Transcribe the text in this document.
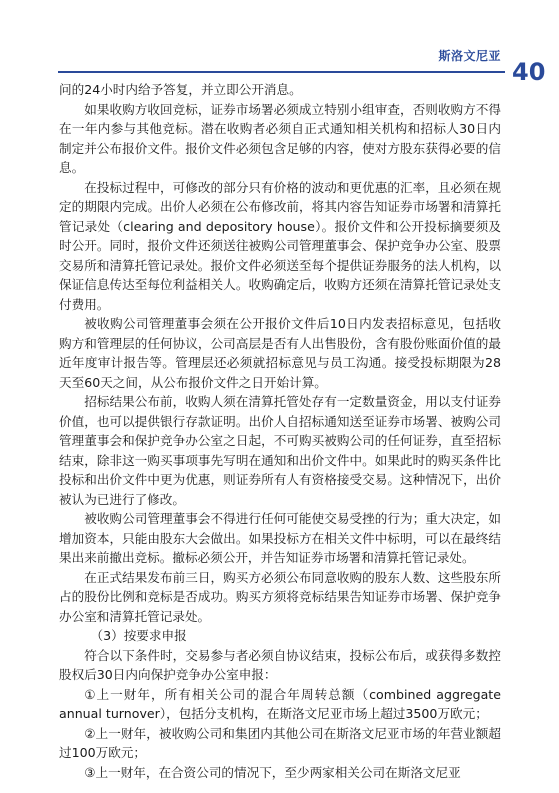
斯洛文尼亚
40

问的24小时内给予答复，并立即公开消息。

如果收购方收回竞标，证券市场署必须成立特别小组审查，否则收购方不得在一年内参与其他竞标。潜在收购者必须自正式通知相关机构和招标人30日内制定并公布报价文件。报价文件必须包含足够的内容，使对方股东获得必要的信息。

在投标过程中，可修改的部分只有价格的波动和更优惠的汇率，且必须在规定的期限内完成。出价人必须在公布修改前，将其内容告知证券市场署和清算托管记录处（clearing and depository house）。报价文件和公开投标摘要须及时公开。同时，报价文件还须送往被购公司管理董事会、保护竞争办公室、股票交易所和清算托管记录处。报价文件必须送至每个提供证券服务的法人机构，以保证信息传达至每位利益相关人。收购确定后，收购方还须在清算托管记录处支付费用。

被收购公司管理董事会须在公开报价文件后10日内发表招标意见，包括收购方和管理层的任何协议，公司高层是否有人出售股份，含有股份账面价值的最近年度审计报告等。管理层还必须就招标意见与员工沟通。接受投标期限为28天至60天之间，从公布报价文件之日开始计算。

招标结果公布前，收购人须在清算托管处存有一定数量资金，用以支付证券价值，也可以提供银行存款证明。出价人自招标通知送至证券市场署、被购公司管理董事会和保护竞争办公室之日起，不可购买被购公司的任何证券，直至招标结束，除非这一购买事项事先写明在通知和出价文件中。如果此时的购买条件比投标和出价文件中更为优惠，则证券所有人有资格接受交易。这种情况下，出价被认为已进行了修改。

被收购公司管理董事会不得进行任何可能使交易受挫的行为；重大决定，如增加资本，只能由股东大会做出。如果投标方在相关文件中标明，可以在最终结果出来前撤出竞标。撤标必须公开，并告知证券市场署和清算托管记录处。

在正式结果发布前三日，购买方必须公布同意收购的股东人数、这些股东所占的股份比例和竞标是否成功。购买方须将竞标结果告知证券市场署、保护竞争办公室和清算托管记录处。

（3）按要求申报

符合以下条件时，交易参与者必须自协议结束，投标公布后，或获得多数控股权后30日内向保护竞争办公室申报：

①上一财年，所有相关公司的混合年周转总额（combined aggregate annual turnover），包括分支机构，在斯洛文尼亚市场上超过3500万欧元；

②上一财年，被收购公司和集团内其他公司在斯洛文尼亚市场的年营业额超过100万欧元；

③上一财年，在合资公司的情况下，至少两家相关公司在斯洛文尼亚
